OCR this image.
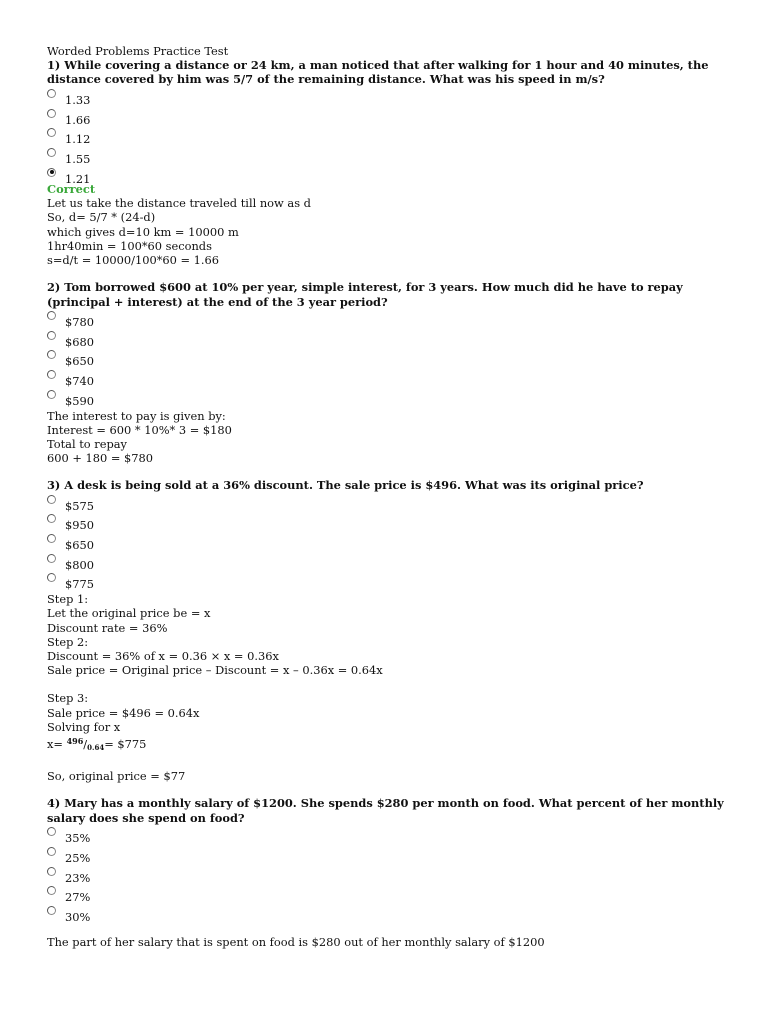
Worded Problems Practice Test

1) While covering a distance or 24 km, a man noticed that after walking for 1 hour and 40 minutes, the distance covered by him was 5/7 of the remaining distance. What was his speed in m/s?

1.33
1.66
1.12
1.55
1.21
Correct

Let us take the distance traveled till now as d

So, d= 5/7 * (24-d)

which gives d=10 km = 10000 m

1hr40min = 100*60 seconds

s=d/t = 10000/100*60 = 1.66

2) Tom borrowed $600 at 10% per year, simple interest, for 3 years. How much did he have to repay (principal + interest) at the end of the 3 year period?

$780
$680
$650
$740
$590

The interest to pay is given by:

Interest = 600 * 10%* 3 = $180

Total to repay

600 + 180 = $780

3) A desk is being sold at a 36% discount. The sale price is $496. What was its original price?

$575
$950
$650
$800
$775

Step 1:

Let the original price be = x

Discount rate = 36%

Step 2:

Discount = 36% of x = 0.36 × x = 0.36x

Sale price = Original price – Discount = x – 0.36x = 0.64x

Step 3:

Sale price = $496 = 0.64x

Solving for x

x= $^{496}$/0.64= $775

So, original price = $77

4) Mary has a monthly salary of $1200. She spends $280 per month on food. What percent of her monthly salary does she spend on food?

35%
25%
23%
27%
30%

The part of her salary that is spent on food is $280 out of her monthly salary of $1200
